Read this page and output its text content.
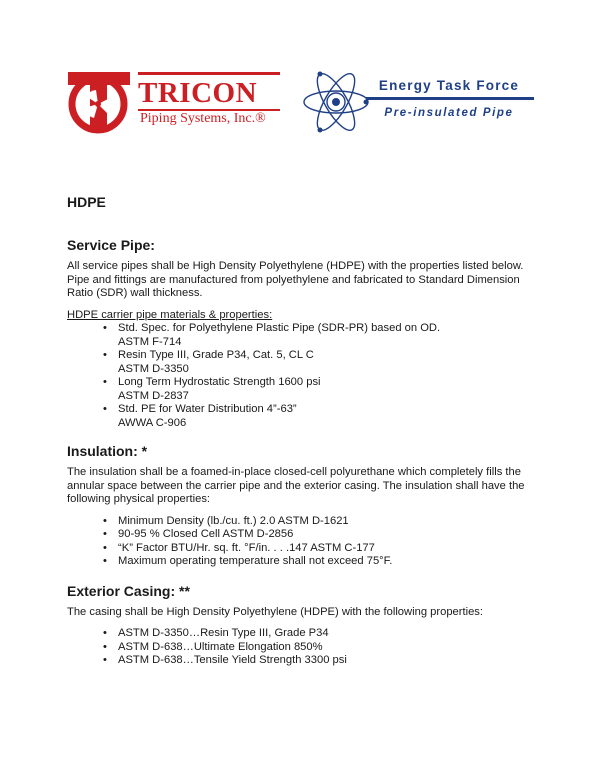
TRICON
Piping Systems, Inc.®
Energy Task Force
Pre-insulated Pipe
HDPE
Service Pipe:

All service pipes shall be High Density Polyethylene (HDPE) with the properties listed below. Pipe and fittings are manufactured from polyethylene and fabricated to Standard Dimension Ratio (SDR) wall thickness.

HDPE carrier pipe materials & properties:
• Std. Spec. for Polyethylene Plastic Pipe (SDR-PR) based on OD.
ASTM F-714
• Resin Type III, Grade P34, Cat. 5, CL C
ASTM D-3350
• Long Term Hydrostatic Strength 1600 psi
ASTM D-2837
• Std. PE for Water Distribution 4”-63”
AWWA C-906
Insulation: *

The insulation shall be a foamed-in-place closed-cell polyurethane which completely fills the annular space between the carrier pipe and the exterior casing. The insulation shall have the following physical properties:

• Minimum Density (lb./cu. ft.) 2.0 ASTM D-1621
• 90-95 % Closed Cell ASTM D-2856
• “K” Factor BTU/Hr. sq. ft. °F/in. . . .147 ASTM C-177
• Maximum operating temperature shall not exceed 75°F.
Exterior Casing: **

The casing shall be High Density Polyethylene (HDPE) with the following properties:

• ASTM D-3350…Resin Type III, Grade P34
• ASTM D-638…Ultimate Elongation 850%
• ASTM D-638…Tensile Yield Strength 3300 psi
